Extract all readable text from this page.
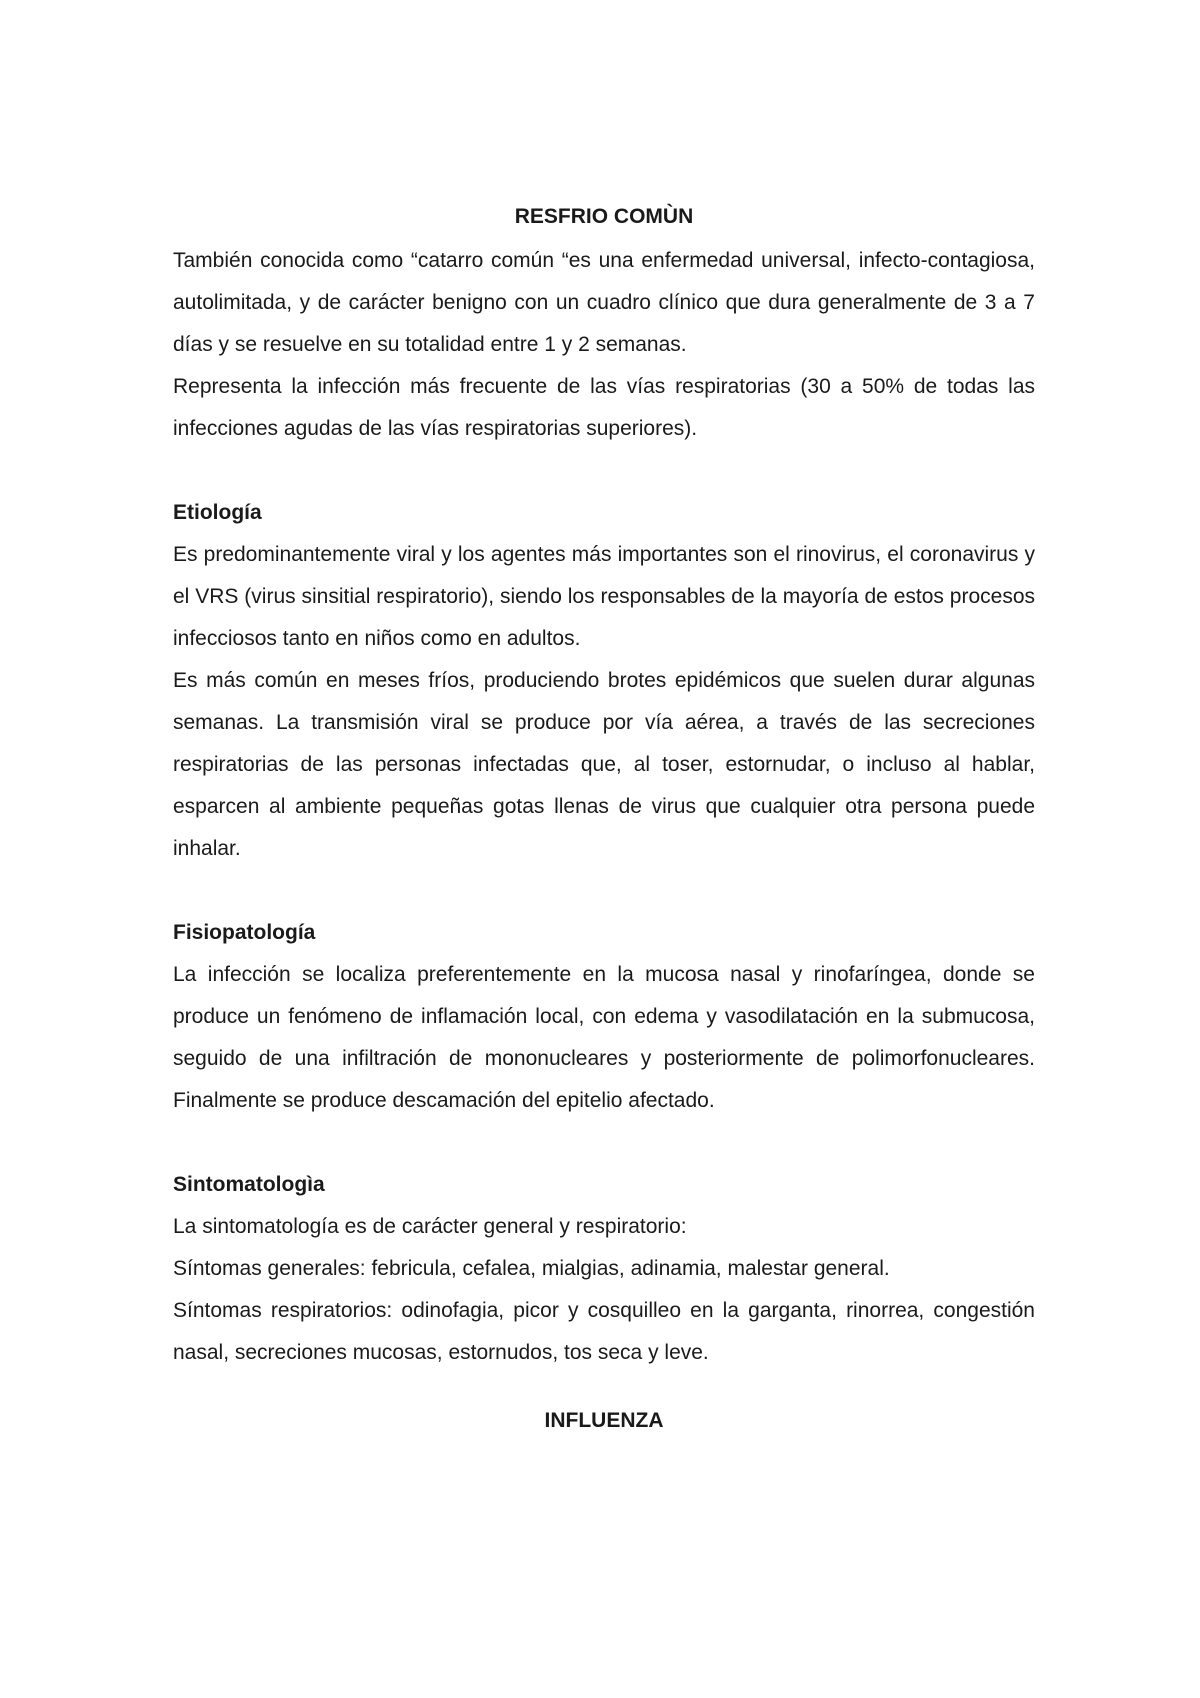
RESFRIO COMÙN

También conocida como “catarro común “es una enfermedad universal, infecto-contagiosa, autolimitada, y de carácter benigno con un cuadro clínico que dura generalmente de 3 a 7 días y se resuelve en su totalidad entre 1 y 2 semanas.

Representa la infección más frecuente de las vías respiratorias (30 a 50% de todas las infecciones agudas de las vías respiratorias superiores).

Etiología

Es predominantemente viral y los agentes más importantes son el rinovirus, el coronavirus y el VRS (virus sinsitial respiratorio), siendo los responsables de la mayoría de estos procesos infecciosos tanto en niños como en adultos.

Es más común en meses fríos, produciendo brotes epidémicos que suelen durar algunas semanas. La transmisión viral se produce por vía aérea, a través de las secreciones respiratorias de las personas infectadas que, al toser, estornudar, o incluso al hablar, esparcen al ambiente pequeñas gotas llenas de virus que cualquier otra persona puede inhalar.

Fisiopatología

La infección se localiza preferentemente en la mucosa nasal y rinofaríngea, donde se produce un fenómeno de inflamación local, con edema y vasodilatación en la submucosa, seguido de una infiltración de mononucleares y posteriormente de polimorfonucleares. Finalmente se produce descamación del epitelio afectado.

Sintomatologìa

La sintomatología es de carácter general y respiratorio:

Síntomas generales: febricula, cefalea, mialgias, adinamia, malestar general.

Síntomas respiratorios: odinofagia, picor y cosquilleo en la garganta, rinorrea, congestión nasal, secreciones mucosas, estornudos, tos seca y leve.

INFLUENZA
